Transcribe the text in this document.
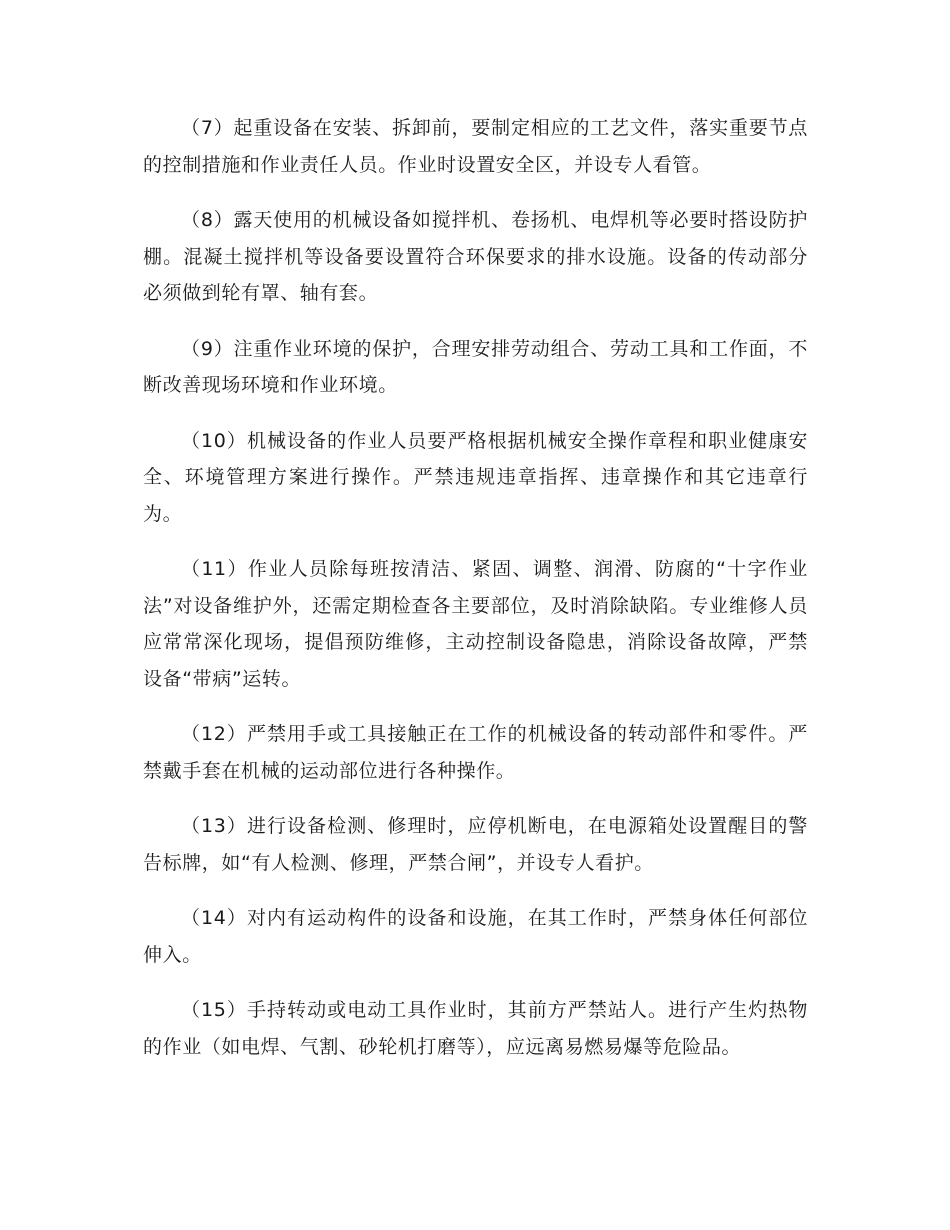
（7）起重设备在安装、拆卸前，要制定相应的工艺文件，落实重要节点的控制措施和作业责任人员。作业时设置安全区，并设专人看管。

（8）露天使用的机械设备如搅拌机、卷扬机、电焊机等必要时搭设防护棚。混凝土搅拌机等设备要设置符合环保要求的排水设施。设备的传动部分必须做到轮有罩、轴有套。

（9）注重作业环境的保护，合理安排劳动组合、劳动工具和工作面，不断改善现场环境和作业环境。

（10）机械设备的作业人员要严格根据机械安全操作章程和职业健康安全、环境管理方案进行操作。严禁违规违章指挥、违章操作和其它违章行为。

（11）作业人员除每班按清洁、紧固、调整、润滑、防腐的“十字作业法”对设备维护外，还需定期检查各主要部位，及时消除缺陷。专业维修人员应常常深化现场，提倡预防维修，主动控制设备隐患，消除设备故障，严禁设备“带病”运转。

（12）严禁用手或工具接触正在工作的机械设备的转动部件和零件。严禁戴手套在机械的运动部位进行各种操作。

（13）进行设备检测、修理时，应停机断电，在电源箱处设置醒目的警告标牌，如“有人检测、修理，严禁合闸”，并设专人看护。

（14）对内有运动构件的设备和设施，在其工作时，严禁身体任何部位伸入。

（15）手持转动或电动工具作业时，其前方严禁站人。进行产生灼热物的作业（如电焊、气割、砂轮机打磨等），应远离易燃易爆等危险品。
